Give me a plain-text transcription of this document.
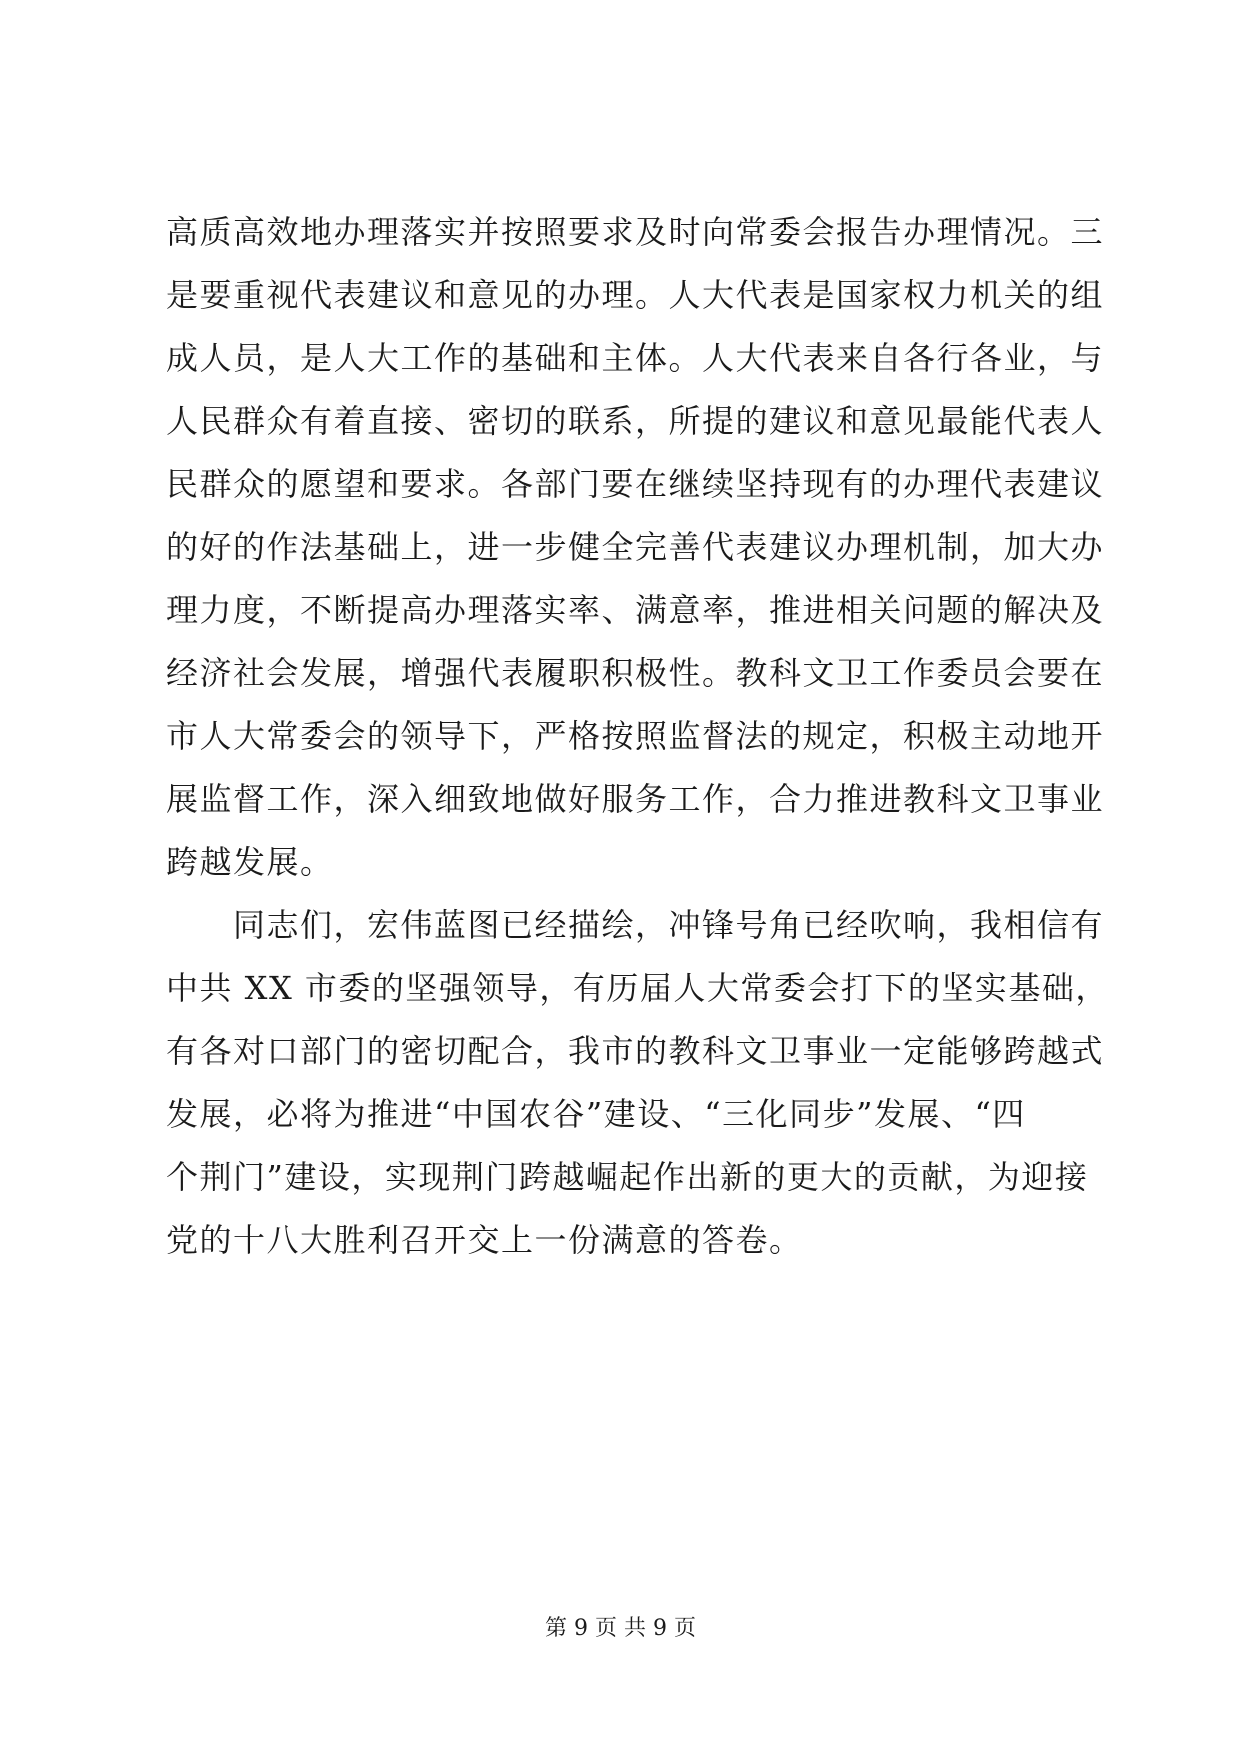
高质高效地办理落实并按照要求及时向常委会报告办理情况。三
是要重视代表建议和意见的办理。人大代表是国家权力机关的组
成人员，是人大工作的基础和主体。人大代表来自各行各业，与
人民群众有着直接、密切的联系，所提的建议和意见最能代表人
民群众的愿望和要求。各部门要在继续坚持现有的办理代表建议
的好的作法基础上，进一步健全完善代表建议办理机制，加大办
理力度，不断提高办理落实率、满意率，推进相关问题的解决及
经济社会发展，增强代表履职积极性。教科文卫工作委员会要在
市人大常委会的领导下，严格按照监督法的规定，积极主动地开
展监督工作，深入细致地做好服务工作，合力推进教科文卫事业
跨越发展。
　　同志们，宏伟蓝图已经描绘，冲锋号角已经吹响，我相信有
中共 XX 市委的坚强领导，有历届人大常委会打下的坚实基础，
有各对口部门的密切配合，我市的教科文卫事业一定能够跨越式
发展，必将为推进“中国农谷”建设、“三化同步”发展、“四
个荆门”建设，实现荆门跨越崛起作出新的更大的贡献，为迎接
党的十八大胜利召开交上一份满意的答卷。
第 9 页 共 9 页
